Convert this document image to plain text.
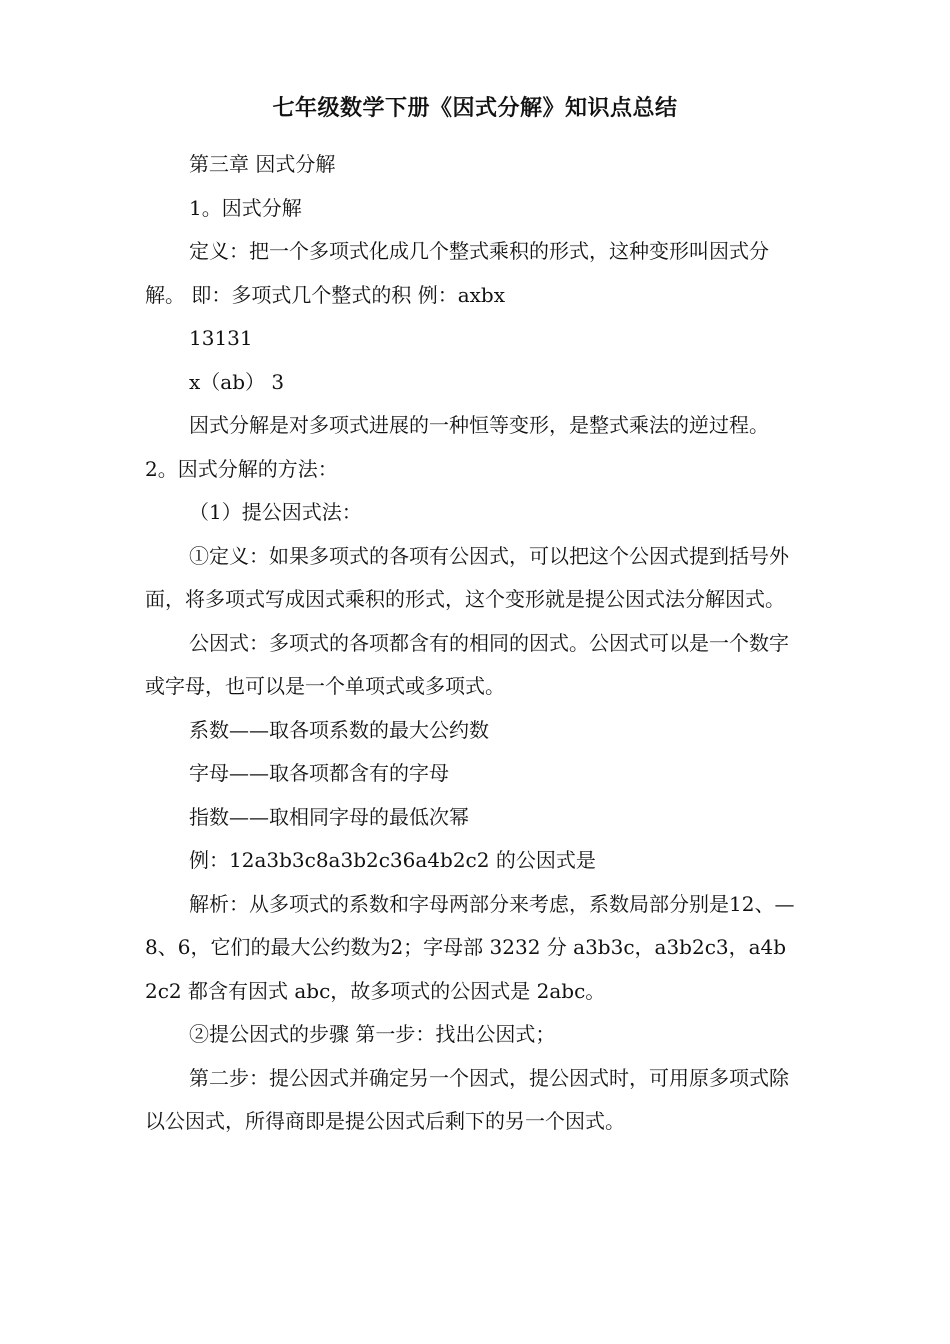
七年级数学下册《因式分解》知识点总结

第三章 因式分解

1。因式分解

定义：把一个多项式化成几个整式乘积的形式，这种变形叫因式分解。 即：多项式几个整式的积 例：axbx

13131

x（ab） 3

因式分解是对多项式进展的一种恒等变形，是整式乘法的逆过程。 2。因式分解的方法：

（1）提公因式法：

①定义：如果多项式的各项有公因式，可以把这个公因式提到括号外面，将多项式写成因式乘积的形式，这个变形就是提公因式法分解因式。

公因式：多项式的各项都含有的相同的因式。公因式可以是一个数字或字母，也可以是一个单项式或多项式。

系数——取各项系数的最大公约数

字母——取各项都含有的字母

指数——取相同字母的最低次幂

例：12a3b3c8a3b2c36a4b2c2 的公因式是

解析：从多项式的系数和字母两部分来考虑，系数局部分别是12、—8、6，它们的最大公约数为2；字母部 3232 分 a3b3c，a3b2c3，a4b2c2 都含有因式 abc，故多项式的公因式是 2abc。

②提公因式的步骤 第一步：找出公因式；

第二步：提公因式并确定另一个因式，提公因式时，可用原多项式除以公因式，所得商即是提公因式后剩下的另一个因式。
